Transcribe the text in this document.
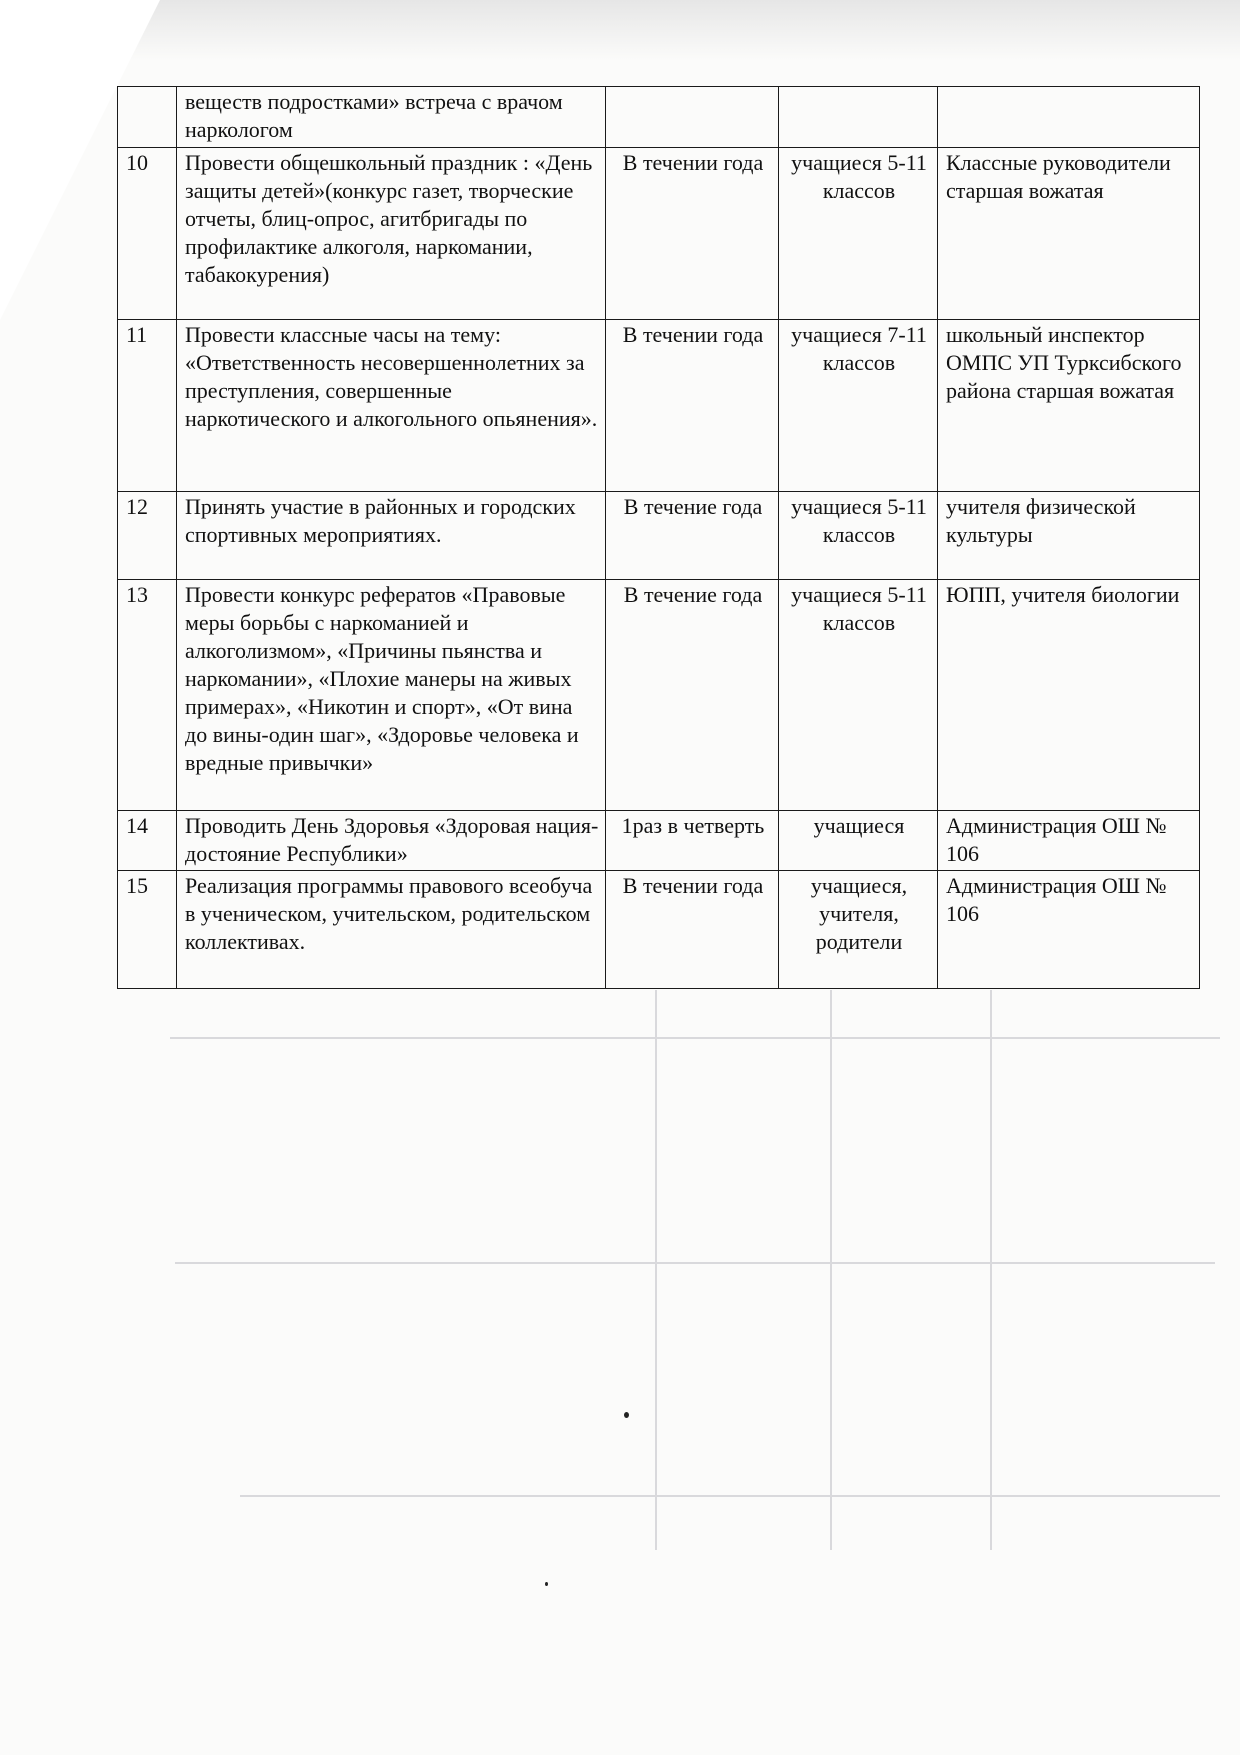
	веществ подростками» встреча с врачом наркологом			
10	Провести общешкольный праздник : «День защиты детей»(конкурс газет, творческие отчеты, блиц-опрос, агитбригады по профилактике алкоголя, наркомании, табакокурения)	В течении года	учащиеся 5-11 классов	Классные руководители старшая вожатая
11	Провести классные часы на тему: «Ответственность несовершеннолетних за преступления, совершенные наркотического и алкогольного опьянения».	В течении года	учащиеся 7-11 классов	школьный инспектор ОМПС УП Турксибского района старшая вожатая
12	Принять участие в районных и городских спортивных мероприятиях.	В течение года	учащиеся 5-11 классов	учителя физической культуры
13	Провести конкурс рефератов «Правовые меры борьбы с наркоманией и алкоголизмом», «Причины пьянства и наркомании», «Плохие манеры на живых примерах», «Никотин и спорт», «От вина до вины-один шаг», «Здоровье человека и вредные привычки»	В течение года	учащиеся 5-11 классов	ЮПП, учителя биологии
14	Проводить День Здоровья «Здоровая нация- достояние Республики»	1раз в четверть	учащиеся	Администрация ОШ № 106
15	Реализация программы правового всеобуча в ученическом, учительском, родительском коллективах.	В течении года	учащиеся, учителя, родители	Администрация ОШ № 106
